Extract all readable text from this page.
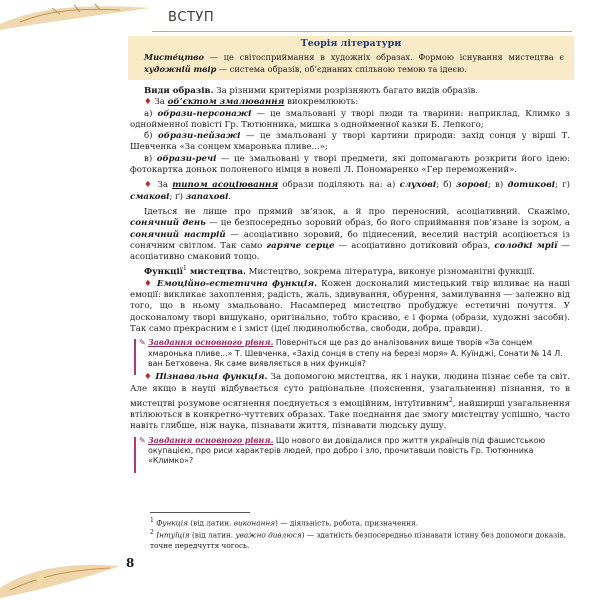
ВСТУП
Теорія літератури
Мисте́цтво — це світосприймання в художніх образах. Формою існування мистецтва є художній твір — система образів, об’єднаних спільною темою та ідеєю.

Види образів. За різними критеріями розрізняють багато видів образів.

♦ За об’єктом змалювання виокремлюють:

а) образи-персонажі — це змальовані у творі люди та тварини: наприклад, Климко з однойменної повісті Гр. Тютюнника, мишка з однойменної казки Б. Лепкого;

б) образи-пейзажі — це змальовані у творі картини природи: захід сонця у вірші Т. Шевченка «За сонцем хмаронька пливе...»;

в) образи-речі — це змальовані у творі предмети, які допомагають розкрити його ідею: фотокартка доньок полоненого німця в новелі Л. Пономаренко «Гер переможений».

♦ За типом асоціювання образи поділяють на: а) слухові; б) зорові; в) дотикові; г) смакові; ґ) запахові.

Ідеться не лише про прямий зв’язок, а й про переносний, асоціативний. Скажімо, сонячний день — це безпосередньо зоровий образ, бо його сприймання пов’язане із зором, а сонячний настрій — асоціативно зоровий, бо піднесений, веселий настрій асоціюється із сонячним світлом. Так само гаряче серце — асоціативно дотиковий образ, солодкі мрії — асоціативно смаковий тощо.

Функції$^1$ мистецтва. Мистецтво, зокрема література, виконує різноманітні функції.

♦ Емоційно-естетична функція. Кожен досконалий мистецький твір впливає на наші емоції: викликає захоплення, радість, жаль, здивування, обурення, замилування — залежно від того, що в ньому змальовано. Насамперед мистецтво пробуджує естетичні почуття. У досконалому творі вишукано, оригінально, тобто красиво, є і форма (образи, художні засоби). Так само прекрасним є і зміст (ідеї людинолюбства, свободи, добра, правди).

✎ Завдання основного рівня. Поверніться ще раз до аналізованих вище творів «За сонцем хмаронька пливе...» Т. Шевченка, «Захід сонця в степу на березі моря» А. Куїнджі, Сонати № 14 Л. ван Бетховена. Як саме виявляється в них функція?

♦ Пізнавальна функція. За допомогою мистецтва, як і науки, людина пізнає себе та світ. Але якщо в науці відбувається суто раціональне (пояснення, узагальнення) пізнання, то в мистецтві розумове осягнення поєднується з емоційним, інтуїтивним$^2$, найширші узагальнення втілюються в конкретно-чуттєвих образах. Таке поєднання дає змогу мистецтву успішно, часто навіть глибше, ніж наука, пізнавати життя, пізнавати людську душу.

✎ Завдання основного рівня. Що нового ви довідалися про життя українців під фашистською окупацією, про риси характерів людей, про добро і зло, прочитавши повість Гр. Тютюнника «Климко»?

$^1$ Функція (від латин. виконання) — діяльність, робота, призначення.

$^2$ Інтуїція (від латин. уважно дивлюся) — здатність безпосередньо пізнавати істину без допомоги доказів, точне передчуття чогось.

8
